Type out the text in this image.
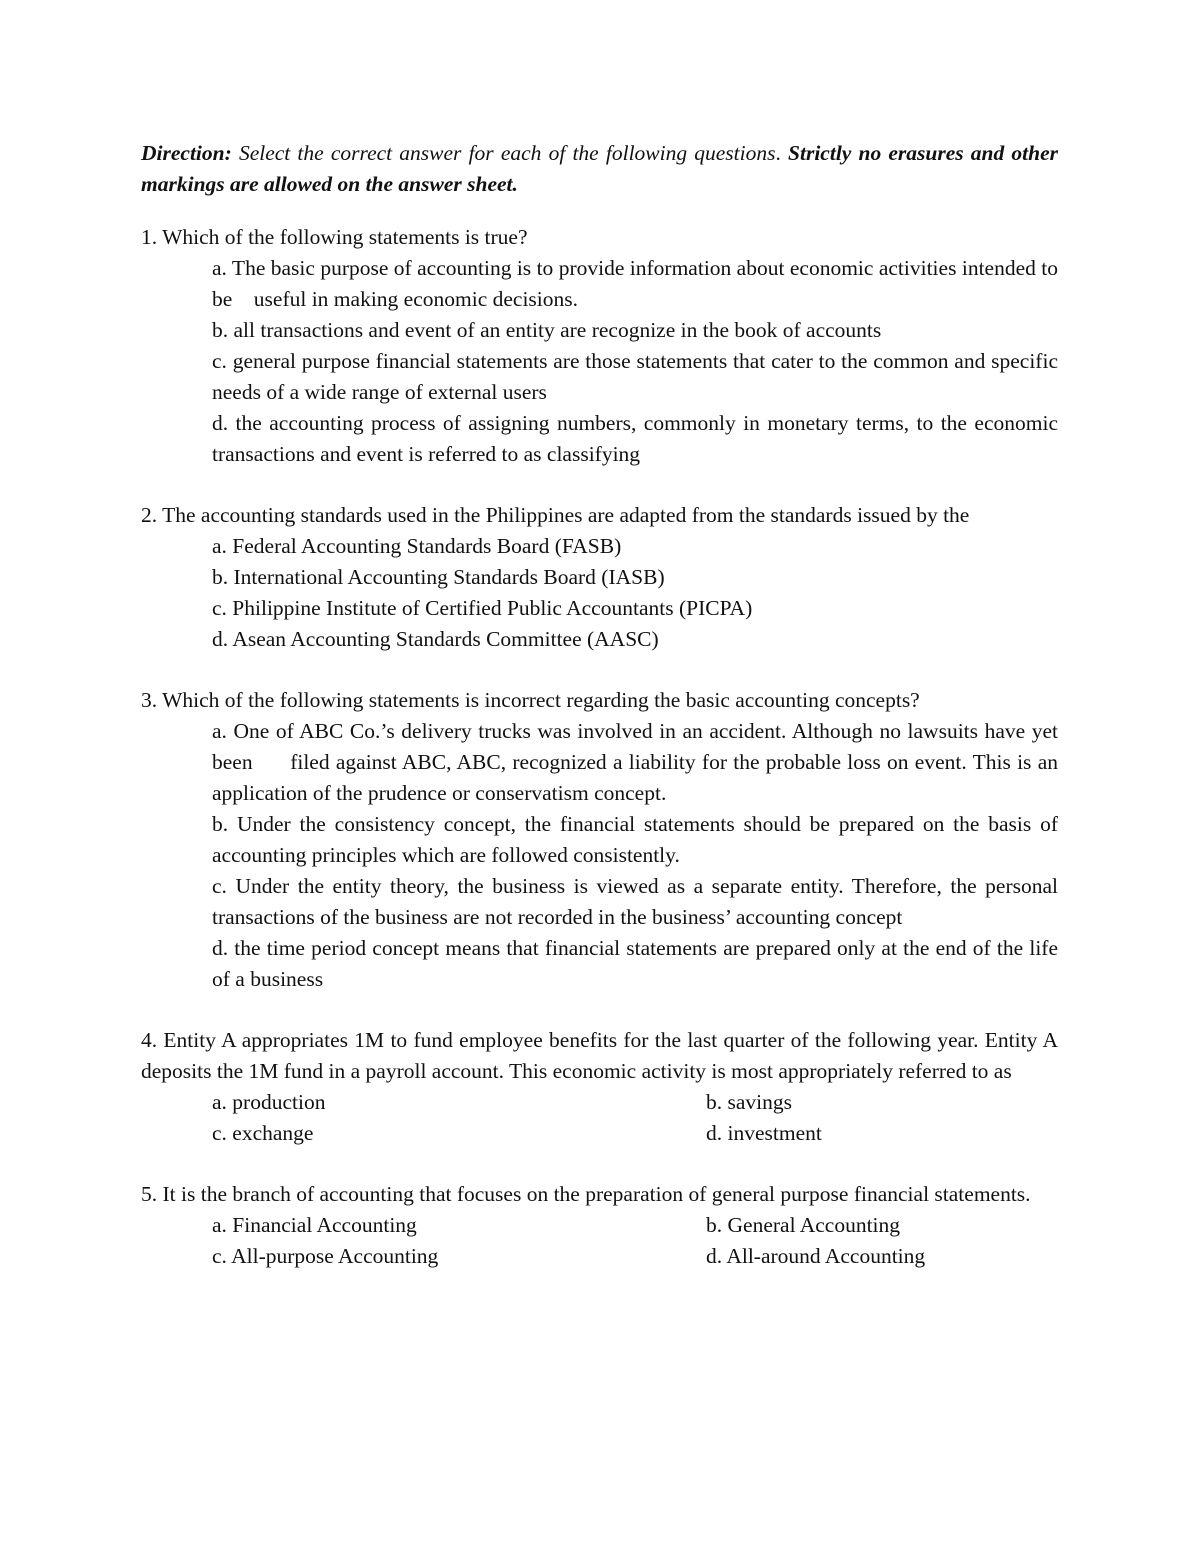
Direction: Select the correct answer for each of the following questions. Strictly no erasures and other markings are allowed on the answer sheet.

1. Which of the following statements is true?
a. The basic purpose of accounting is to provide information about economic activities intended to be    useful in making economic decisions.
b. all transactions and event of an entity are recognize in the book of accounts
c. general purpose financial statements are those statements that cater to the common and specific needs of a wide range of external users
d. the accounting process of assigning numbers, commonly in monetary terms, to the economic transactions and event is referred to as classifying
2. The accounting standards used in the Philippines are adapted from the standards issued by the
a. Federal Accounting Standards Board (FASB)
b. International Accounting Standards Board (IASB)
c. Philippine Institute of Certified Public Accountants (PICPA)
d. Asean Accounting Standards Committee (AASC)
3. Which of the following statements is incorrect regarding the basic accounting concepts?
a. One of ABC Co.’s delivery trucks was involved in an accident. Although no lawsuits have yet been      filed against ABC, ABC, recognized a liability for the probable loss on event. This is an application of the prudence or conservatism concept.
b. Under the consistency concept, the financial statements should be prepared on the basis of accounting principles which are followed consistently.
c. Under the entity theory, the business is viewed as a separate entity. Therefore, the personal transactions of the business are not recorded in the business’ accounting concept
d. the time period concept means that financial statements are prepared only at the end of the life of a business
4. Entity A appropriates 1M to fund employee benefits for the last quarter of the following year. Entity A deposits the 1M fund in a payroll account. This economic activity is most appropriately referred to as
a. production	b. savings
c. exchange	d. investment
5. It is the branch of accounting that focuses on the preparation of general purpose financial statements.
a. Financial Accounting	b. General Accounting
c. All-purpose Accounting	d. All-around Accounting
